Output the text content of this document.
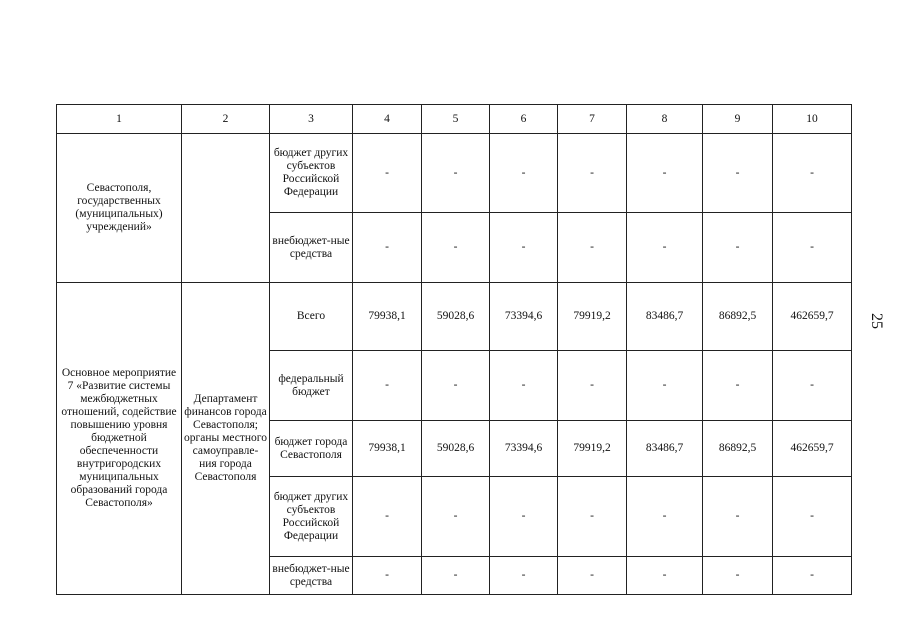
1	2	3	4	5	6	7	8	9	10
Севастополя, государственных (муниципальных) учреждений»		бюджет других субъектов Российской Федерации	-	-	-	-	-	-	-
		внебюджет-ные средства	-	-	-	-	-	-	-
Основное мероприятие 7 «Развитие системы межбюджетных отношений, содействие повышению уровня бюджетной обеспеченности внутригородских муниципальных образований города Севастополя»	Департамент финансов города Севастополя; органы местного самоуправле-ния города Севастополя	Всего	79938,1	59028,6	73394,6	79919,2	83486,7	86892,5	462659,7
		федеральный бюджет	-	-	-	-	-	-	-
		бюджет города Севастополя	79938,1	59028,6	73394,6	79919,2	83486,7	86892,5	462659,7
		бюджет других субъектов Российской Федерации	-	-	-	-	-	-	-
		внебюджет-ные средства	-	-	-	-	-	-	-
25
